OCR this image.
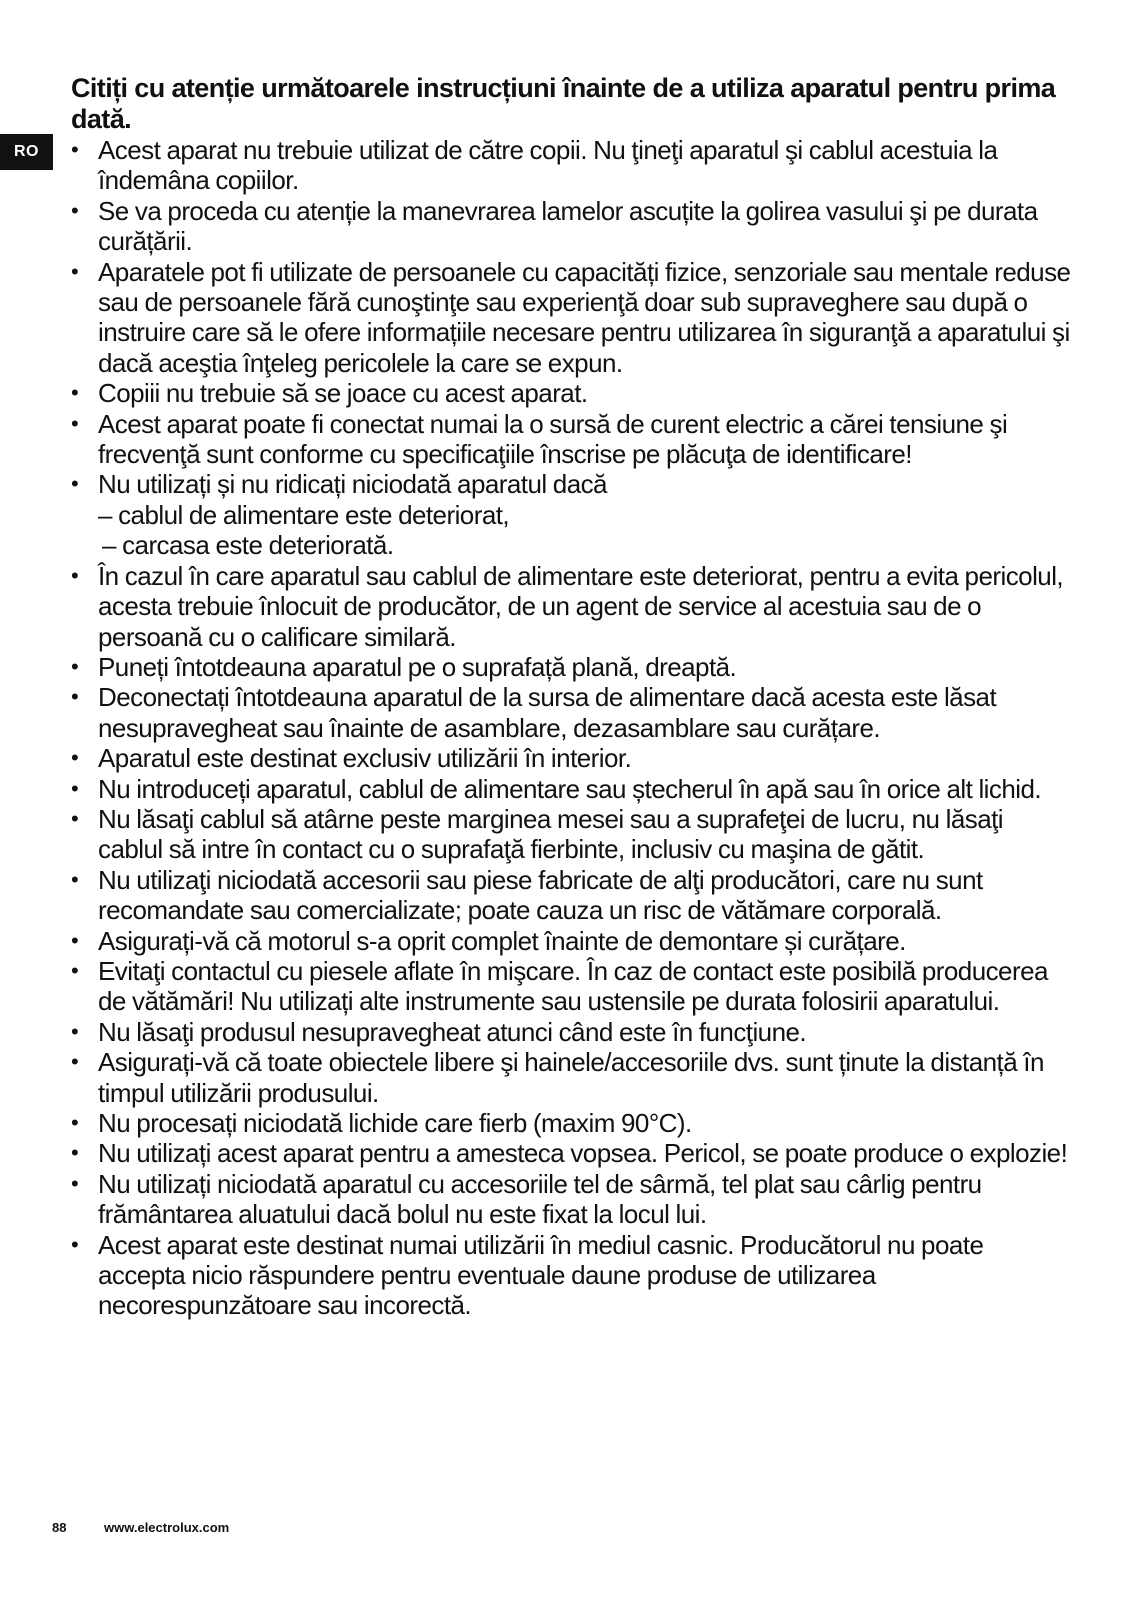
RO
Citiți cu atenție următoarele instrucțiuni înainte de a utiliza aparatul pentru prima dată.
• Acest aparat nu trebuie utilizat de către copii. Nu ţineţi aparatul şi cablul acestuia la îndemâna copiilor.
• Se va proceda cu atenție la manevrarea lamelor ascuțite la golirea vasului şi pe durata curățării.
• Aparatele pot fi utilizate de persoanele cu capacități fizice, senzoriale sau mentale reduse sau de persoanele fără cunoştinţe sau experienţă doar sub supraveghere sau după o instruire care să le ofere informațiile necesare pentru utilizarea în siguranţă a aparatului şi dacă aceştia înţeleg pericolele la care se expun.
• Copiii nu trebuie să se joace cu acest aparat.
• Acest aparat poate fi conectat numai la o sursă de curent electric a cărei tensiune şi frecvenţă sunt conforme cu specificaţiile înscrise pe plăcuţa de identificare!
• Nu utilizați și nu ridicați niciodată aparatul dacă
– cablul de alimentare este deteriorat,
– carcasa este deteriorată.
• În cazul în care aparatul sau cablul de alimentare este deteriorat, pentru a evita pericolul, acesta trebuie înlocuit de producător, de un agent de service al acestuia sau de o persoană cu o calificare similară.
• Puneți întotdeauna aparatul pe o suprafață plană, dreaptă.
• Deconectați întotdeauna aparatul de la sursa de alimentare dacă acesta este lăsat nesupravegheat sau înainte de asamblare, dezasamblare sau curățare.
• Aparatul este destinat exclusiv utilizării în interior.
• Nu introduceți aparatul, cablul de alimentare sau ștecherul în apă sau în orice alt lichid.
• Nu lăsaţi cablul să atârne peste marginea mesei sau a suprafeţei de lucru, nu lăsaţi cablul să intre în contact cu o suprafaţă fierbinte, inclusiv cu maşina de gătit.
• Nu utilizaţi niciodată accesorii sau piese fabricate de alţi producători, care nu sunt recomandate sau comercializate; poate cauza un risc de vătămare corporală.
• Asigurați-vă că motorul s-a oprit complet înainte de demontare și curățare.
• Evitaţi contactul cu piesele aflate în mişcare. În caz de contact este posibilă producerea de vătămări! Nu utilizați alte instrumente sau ustensile pe durata folosirii aparatului.
• Nu lăsaţi produsul nesupravegheat atunci când este în funcţiune.
• Asigurați-vă că toate obiectele libere şi hainele/accesoriile dvs. sunt ținute la distanță în timpul utilizării produsului.
• Nu procesați niciodată lichide care fierb (maxim 90°C).
• Nu utilizați acest aparat pentru a amesteca vopsea. Pericol, se poate produce o explozie!
• Nu utilizați niciodată aparatul cu accesoriile tel de sârmă, tel plat sau cârlig pentru frământarea aluatului dacă bolul nu este fixat la locul lui.
• Acest aparat este destinat numai utilizării în mediul casnic. Producătorul nu poate accepta nicio răspundere pentru eventuale daune produse de utilizarea necorespunzătoare sau incorectă.
88	www.electrolux.com
